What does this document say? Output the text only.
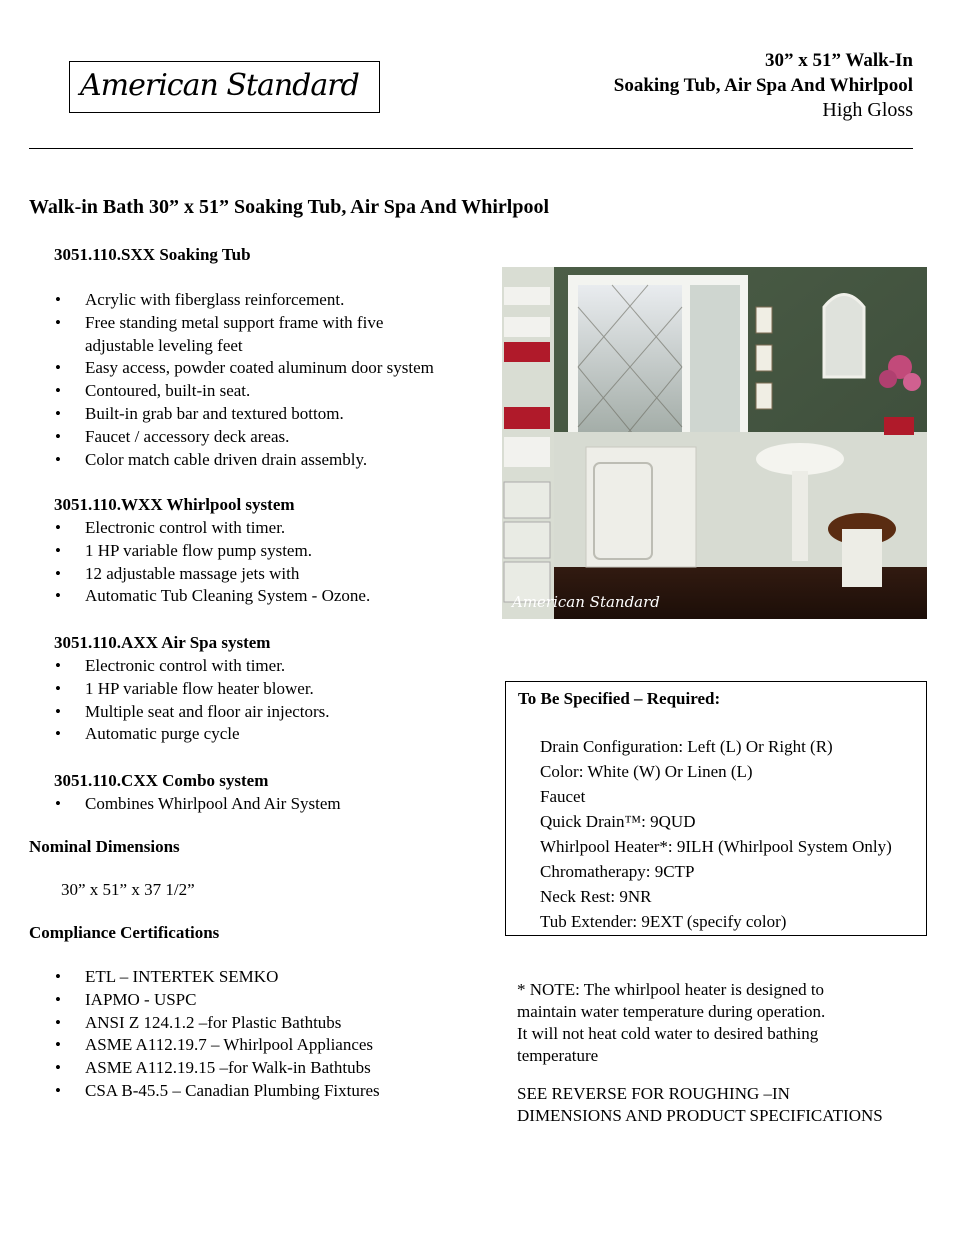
American Standard
30” x 51” Walk-In
Soaking Tub, Air Spa And Whirlpool
High Gloss
Walk-in Bath 30” x 51” Soaking Tub, Air Spa And Whirlpool
3051.110.SXX Soaking Tub
• Acrylic with fiberglass reinforcement.
• Free standing metal support frame with five
adjustable leveling feet
• Easy access, powder coated aluminum door system
• Contoured, built-in seat.
• Built-in grab bar and textured bottom.
• Faucet / accessory deck areas.
• Color match cable driven drain assembly.
3051.110.WXX Whirlpool system
• Electronic control with timer.
• 1 HP variable flow pump system.
• 12 adjustable massage jets with
• Automatic Tub Cleaning System - Ozone.
3051.110.AXX Air Spa system
• Electronic control with timer.
• 1 HP variable flow heater blower.
• Multiple seat and floor air injectors.
• Automatic purge cycle
3051.110.CXX Combo system
• Combines Whirlpool And Air System
Nominal Dimensions
30” x 51” x 37 1/2”
Compliance Certifications
• ETL – INTERTEK SEMKO
• IAPMO - USPC
• ANSI Z 124.1.2 –for Plastic Bathtubs
• ASME A112.19.7 – Whirlpool Appliances
• ASME A112.19.15 –for Walk-in Bathtubs
• CSA B-45.5 – Canadian Plumbing Fixtures
American Standard
To Be Specified – Required:
Drain Configuration: Left (L) Or Right (R)
Color: White (W) Or Linen (L)
Faucet
Quick Drain™: 9QUD
Whirlpool Heater*: 9ILH (Whirlpool System Only)
Chromatherapy: 9CTP
Neck Rest: 9NR
Tub Extender: 9EXT (specify color)
* NOTE: The whirlpool heater is designed to
maintain water temperature during operation.
It will not heat cold water to desired bathing
temperature
SEE REVERSE FOR ROUGHING –IN
DIMENSIONS AND PRODUCT SPECIFICATIONS
